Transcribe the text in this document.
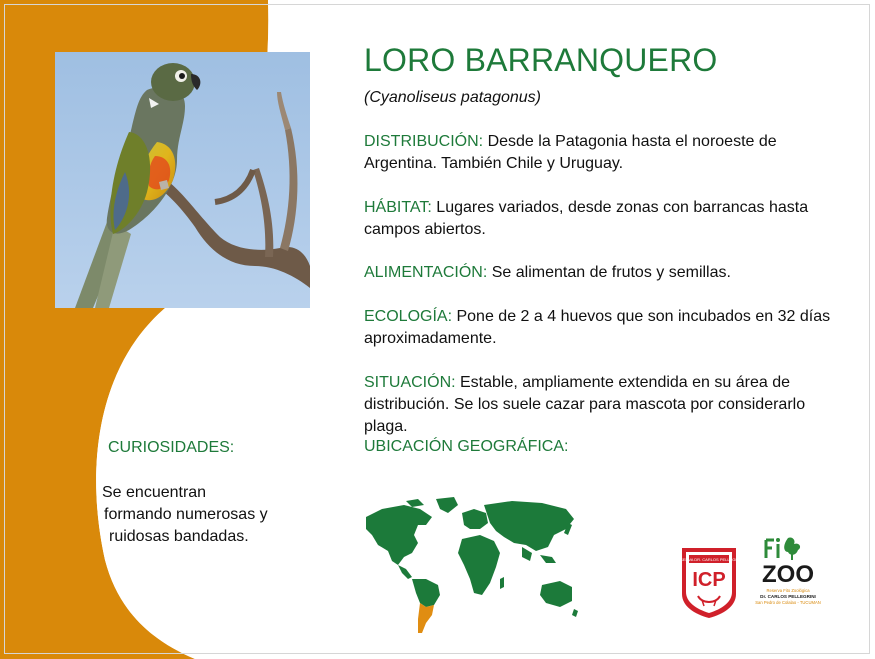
LORO BARRANQUERO
(Cyanoliseus patagonus)
DISTRIBUCIÓN: Desde la Patagonia hasta el noroeste de Argentina. También Chile y Uruguay.
HÁBITAT: Lugares variados, desde zonas con barrancas hasta campos abiertos.
ALIMENTACIÓN: Se alimentan de frutos y semillas.
ECOLOGÍA: Pone de 2 a 4 huevos que son incubados en 32 días aproximadamente.
SITUACIÓN: Estable, ampliamente extendida en su área de distribución. Se los suele cazar para mascota por considerarlo plaga.
UBICACIÓN GEOGRÁFICA:
CURIOSIDADES:
Se encuentran
formando numerosas y
ruidosas bandadas.
RESERVA DR. CARLOS PELLEGRINI
ICP ZOO
Reserva Fito Zoológica
Dr. CARLOS PELLEGRINI
San Pedro de Colalao - TUCUMAN
